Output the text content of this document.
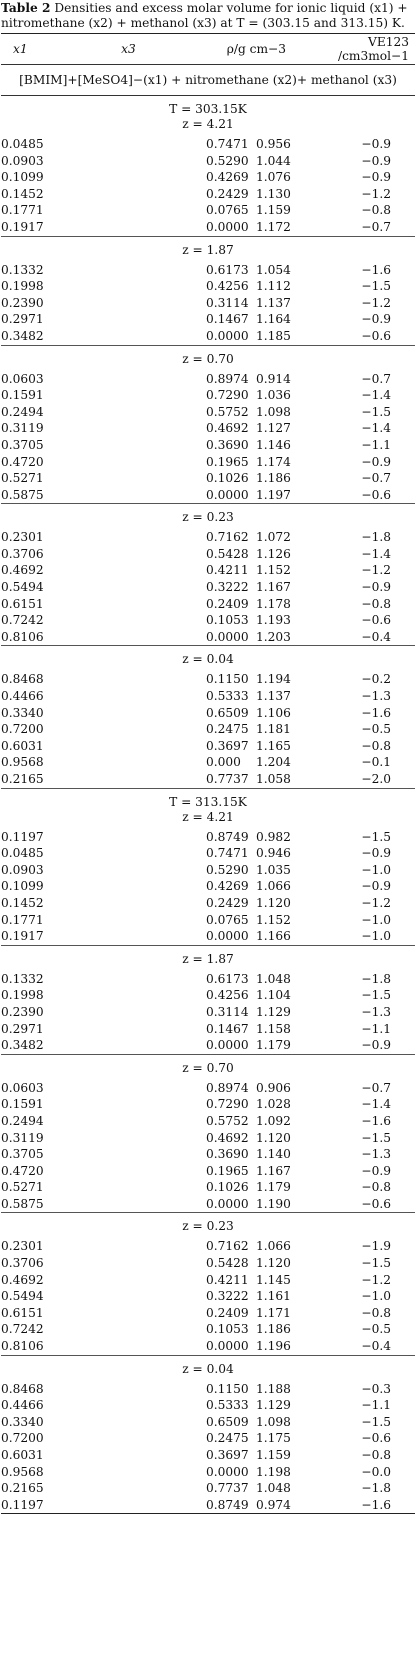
Table 2 Densities and excess molar volume for ionic liquid (x1) + nitromethane (x2) + methanol (x3) at T = (303.15 and 313.15) K.

x1	x3	ρ/g cm−3	VE123 /cm3mol−1
[BMIM]+[MeSO4]−(x1) + nitromethane (x2)+ methanol (x3)
T = 303.15K
z = 4.21
0.0485	0.7471 0.956	−0.9
0.0903	0.5290 1.044	−0.9
0.1099	0.4269 1.076	−0.9
0.1452	0.2429 1.130	−1.2
0.1771	0.0765 1.159	−0.8
0.1917	0.0000 1.172	−0.7
z = 1.87
0.1332	0.6173 1.054	−1.6
0.1998	0.4256 1.112	−1.5
0.2390	0.3114 1.137	−1.2
0.2971	0.1467 1.164	−0.9
0.3482	0.0000 1.185	−0.6
z = 0.70
0.0603	0.8974 0.914	−0.7
0.1591	0.7290 1.036	−1.4
0.2494	0.5752 1.098	−1.5
0.3119	0.4692 1.127	−1.4
0.3705	0.3690 1.146	−1.1
0.4720	0.1965 1.174	−0.9
0.5271	0.1026 1.186	−0.7
0.5875	0.0000 1.197	−0.6
z = 0.23
0.2301	0.7162 1.072	−1.8
0.3706	0.5428 1.126	−1.4
0.4692	0.4211 1.152	−1.2
0.5494	0.3222 1.167	−0.9
0.6151	0.2409 1.178	−0.8
0.7242	0.1053 1.193	−0.6
0.8106	0.0000 1.203	−0.4
z = 0.04
0.8468	0.1150 1.194	−0.2
0.4466	0.5333 1.137	−1.3
0.3340	0.6509 1.106	−1.6
0.7200	0.2475 1.181	−0.5
0.6031	0.3697 1.165	−0.8
0.9568	0.000	1.204	−0.1
0.2165	0.7737 1.058	−2.0
T = 313.15K
z = 4.21
0.1197	0.8749 0.982	−1.5
0.0485	0.7471 0.946	−0.9
0.0903	0.5290 1.035	−1.0
0.1099	0.4269 1.066	−0.9
0.1452	0.2429 1.120	−1.2
0.1771	0.0765 1.152	−1.0
0.1917	0.0000 1.166	−1.0
z = 1.87
0.1332	0.6173 1.048	−1.8
0.1998	0.4256 1.104	−1.5
0.2390	0.3114 1.129	−1.3
0.2971	0.1467 1.158	−1.1
0.3482	0.0000 1.179	−0.9
z = 0.70
0.0603	0.8974 0.906	−0.7
0.1591	0.7290 1.028	−1.4
0.2494	0.5752 1.092	−1.6
0.3119	0.4692 1.120	−1.5
0.3705	0.3690 1.140	−1.3
0.4720	0.1965 1.167	−0.9
0.5271	0.1026 1.179	−0.8
0.5875	0.0000 1.190	−0.6
z = 0.23
0.2301	0.7162 1.066	−1.9
0.3706	0.5428 1.120	−1.5
0.4692	0.4211 1.145	−1.2
0.5494	0.3222 1.161	−1.0
0.6151	0.2409 1.171	−0.8
0.7242	0.1053 1.186	−0.5
0.8106	0.0000 1.196	−0.4
z = 0.04
0.8468	0.1150 1.188	−0.3
0.4466	0.5333 1.129	−1.1
0.3340	0.6509 1.098	−1.5
0.7200	0.2475 1.175	−0.6
0.6031	0.3697 1.159	−0.8
0.9568	0.0000 1.198	−0.0
0.2165	0.7737 1.048	−1.8
0.1197	0.8749 0.974	−1.6
